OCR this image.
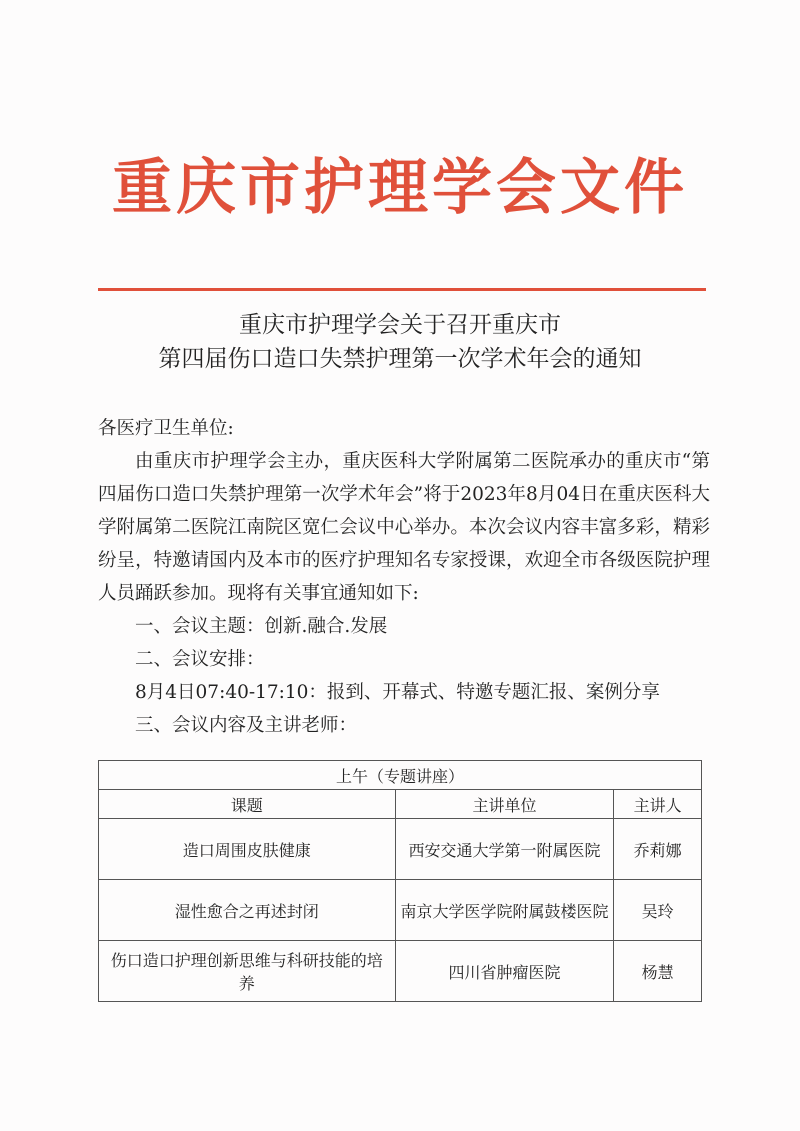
重庆市护理学会文件
重庆市护理学会关于召开重庆市
第四届伤口造口失禁护理第一次学术年会的通知

各医疗卫生单位:

由重庆市护理学会主办，重庆医科大学附属第二医院承办的重庆市“第四届伤口造口失禁护理第一次学术年会”将于2023年8月04日在重庆医科大学附属第二医院江南院区宽仁会议中心举办。本次会议内容丰富多彩，精彩纷呈，特邀请国内及本市的医疗护理知名专家授课，欢迎全市各级医院护理人员踊跃参加。现将有关事宜通知如下:

一、会议主题：创新.融合.发展

二、会议安排：

8月4日07:40-17:10：报到、开幕式、特邀专题汇报、案例分享

三、会议内容及主讲老师：

上午（专题讲座）		
课题	主讲单位	主讲人
造口周围皮肤健康	西安交通大学第一附属医院	乔莉娜
湿性愈合之再述封闭	南京大学医学院附属鼓楼医院	吴玲
伤口造口护理创新思维与科研技能的培养	四川省肿瘤医院	杨慧
